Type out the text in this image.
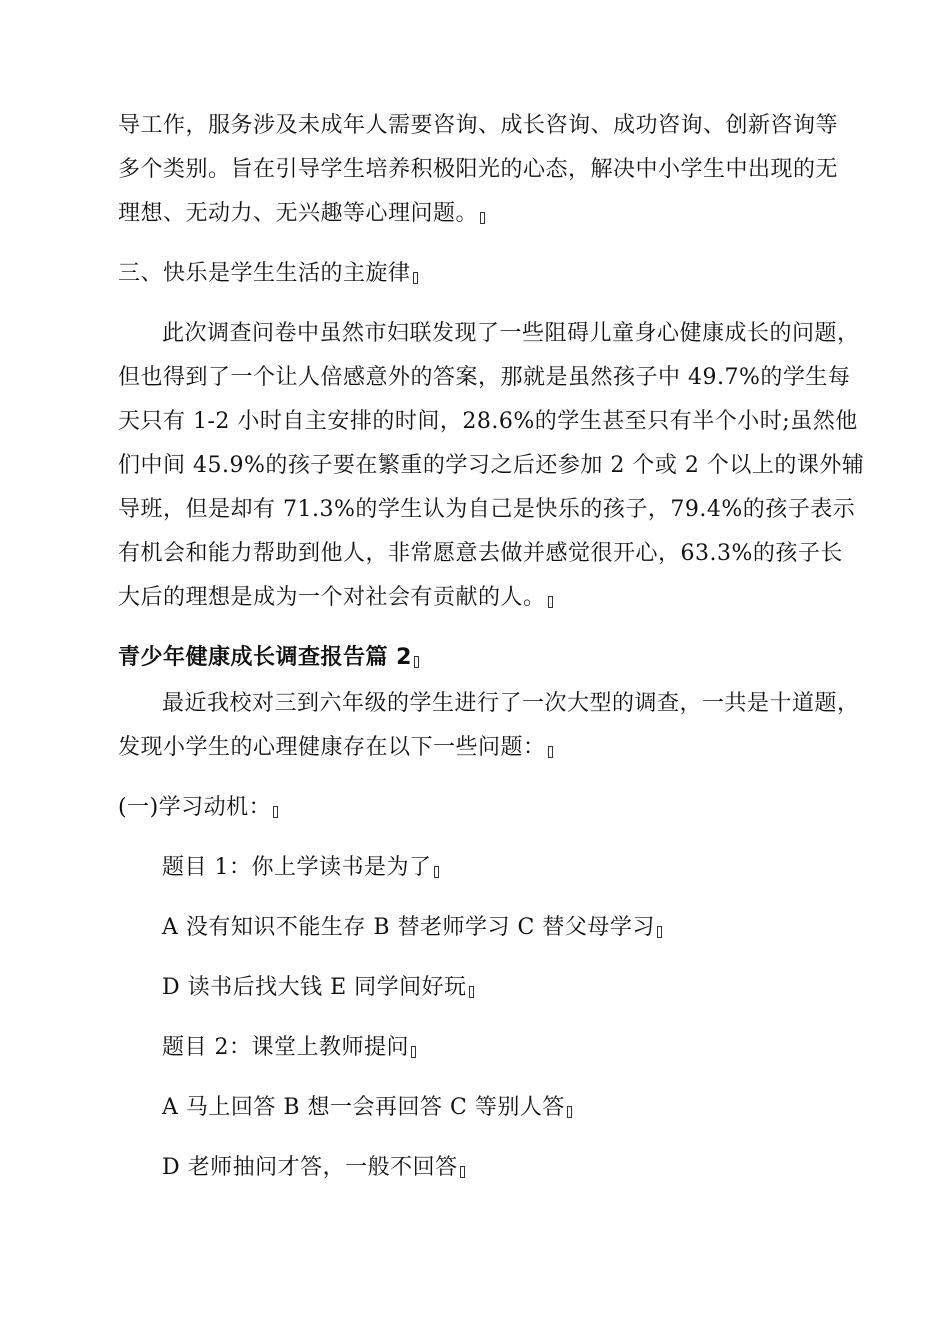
导工作，服务涉及未成年人需要咨询、成长咨询、成功咨询、创新咨询等
多个类别。旨在引导学生培养积极阳光的心态，解决中小学生中出现的无
理想、无动力、无兴趣等心理问题。
三、快乐是学生生活的主旋律
此次调查问卷中虽然市妇联发现了一些阻碍儿童身心健康成长的问题，
但也得到了一个让人倍感意外的答案，那就是虽然孩子中 49.7%的学生每
天只有 1-2 小时自主安排的时间，28.6%的学生甚至只有半个小时;虽然他
们中间 45.9%的孩子要在繁重的学习之后还参加 2 个或 2 个以上的课外辅
导班，但是却有 71.3%的学生认为自己是快乐的孩子，79.4%的孩子表示
有机会和能力帮助到他人，非常愿意去做并感觉很开心，63.3%的孩子长
大后的理想是成为一个对社会有贡献的人。
青少年健康成长调查报告篇 2
最近我校对三到六年级的学生进行了一次大型的调查，一共是十道题，
发现小学生的心理健康存在以下一些问题：
(一)学习动机：
题目 1：你上学读书是为了
A 没有知识不能生存 B 替老师学习 C 替父母学习
D 读书后找大钱 E 同学间好玩
题目 2：课堂上教师提问
A 马上回答 B 想一会再回答 C 等别人答
D 老师抽问才答，一般不回答
